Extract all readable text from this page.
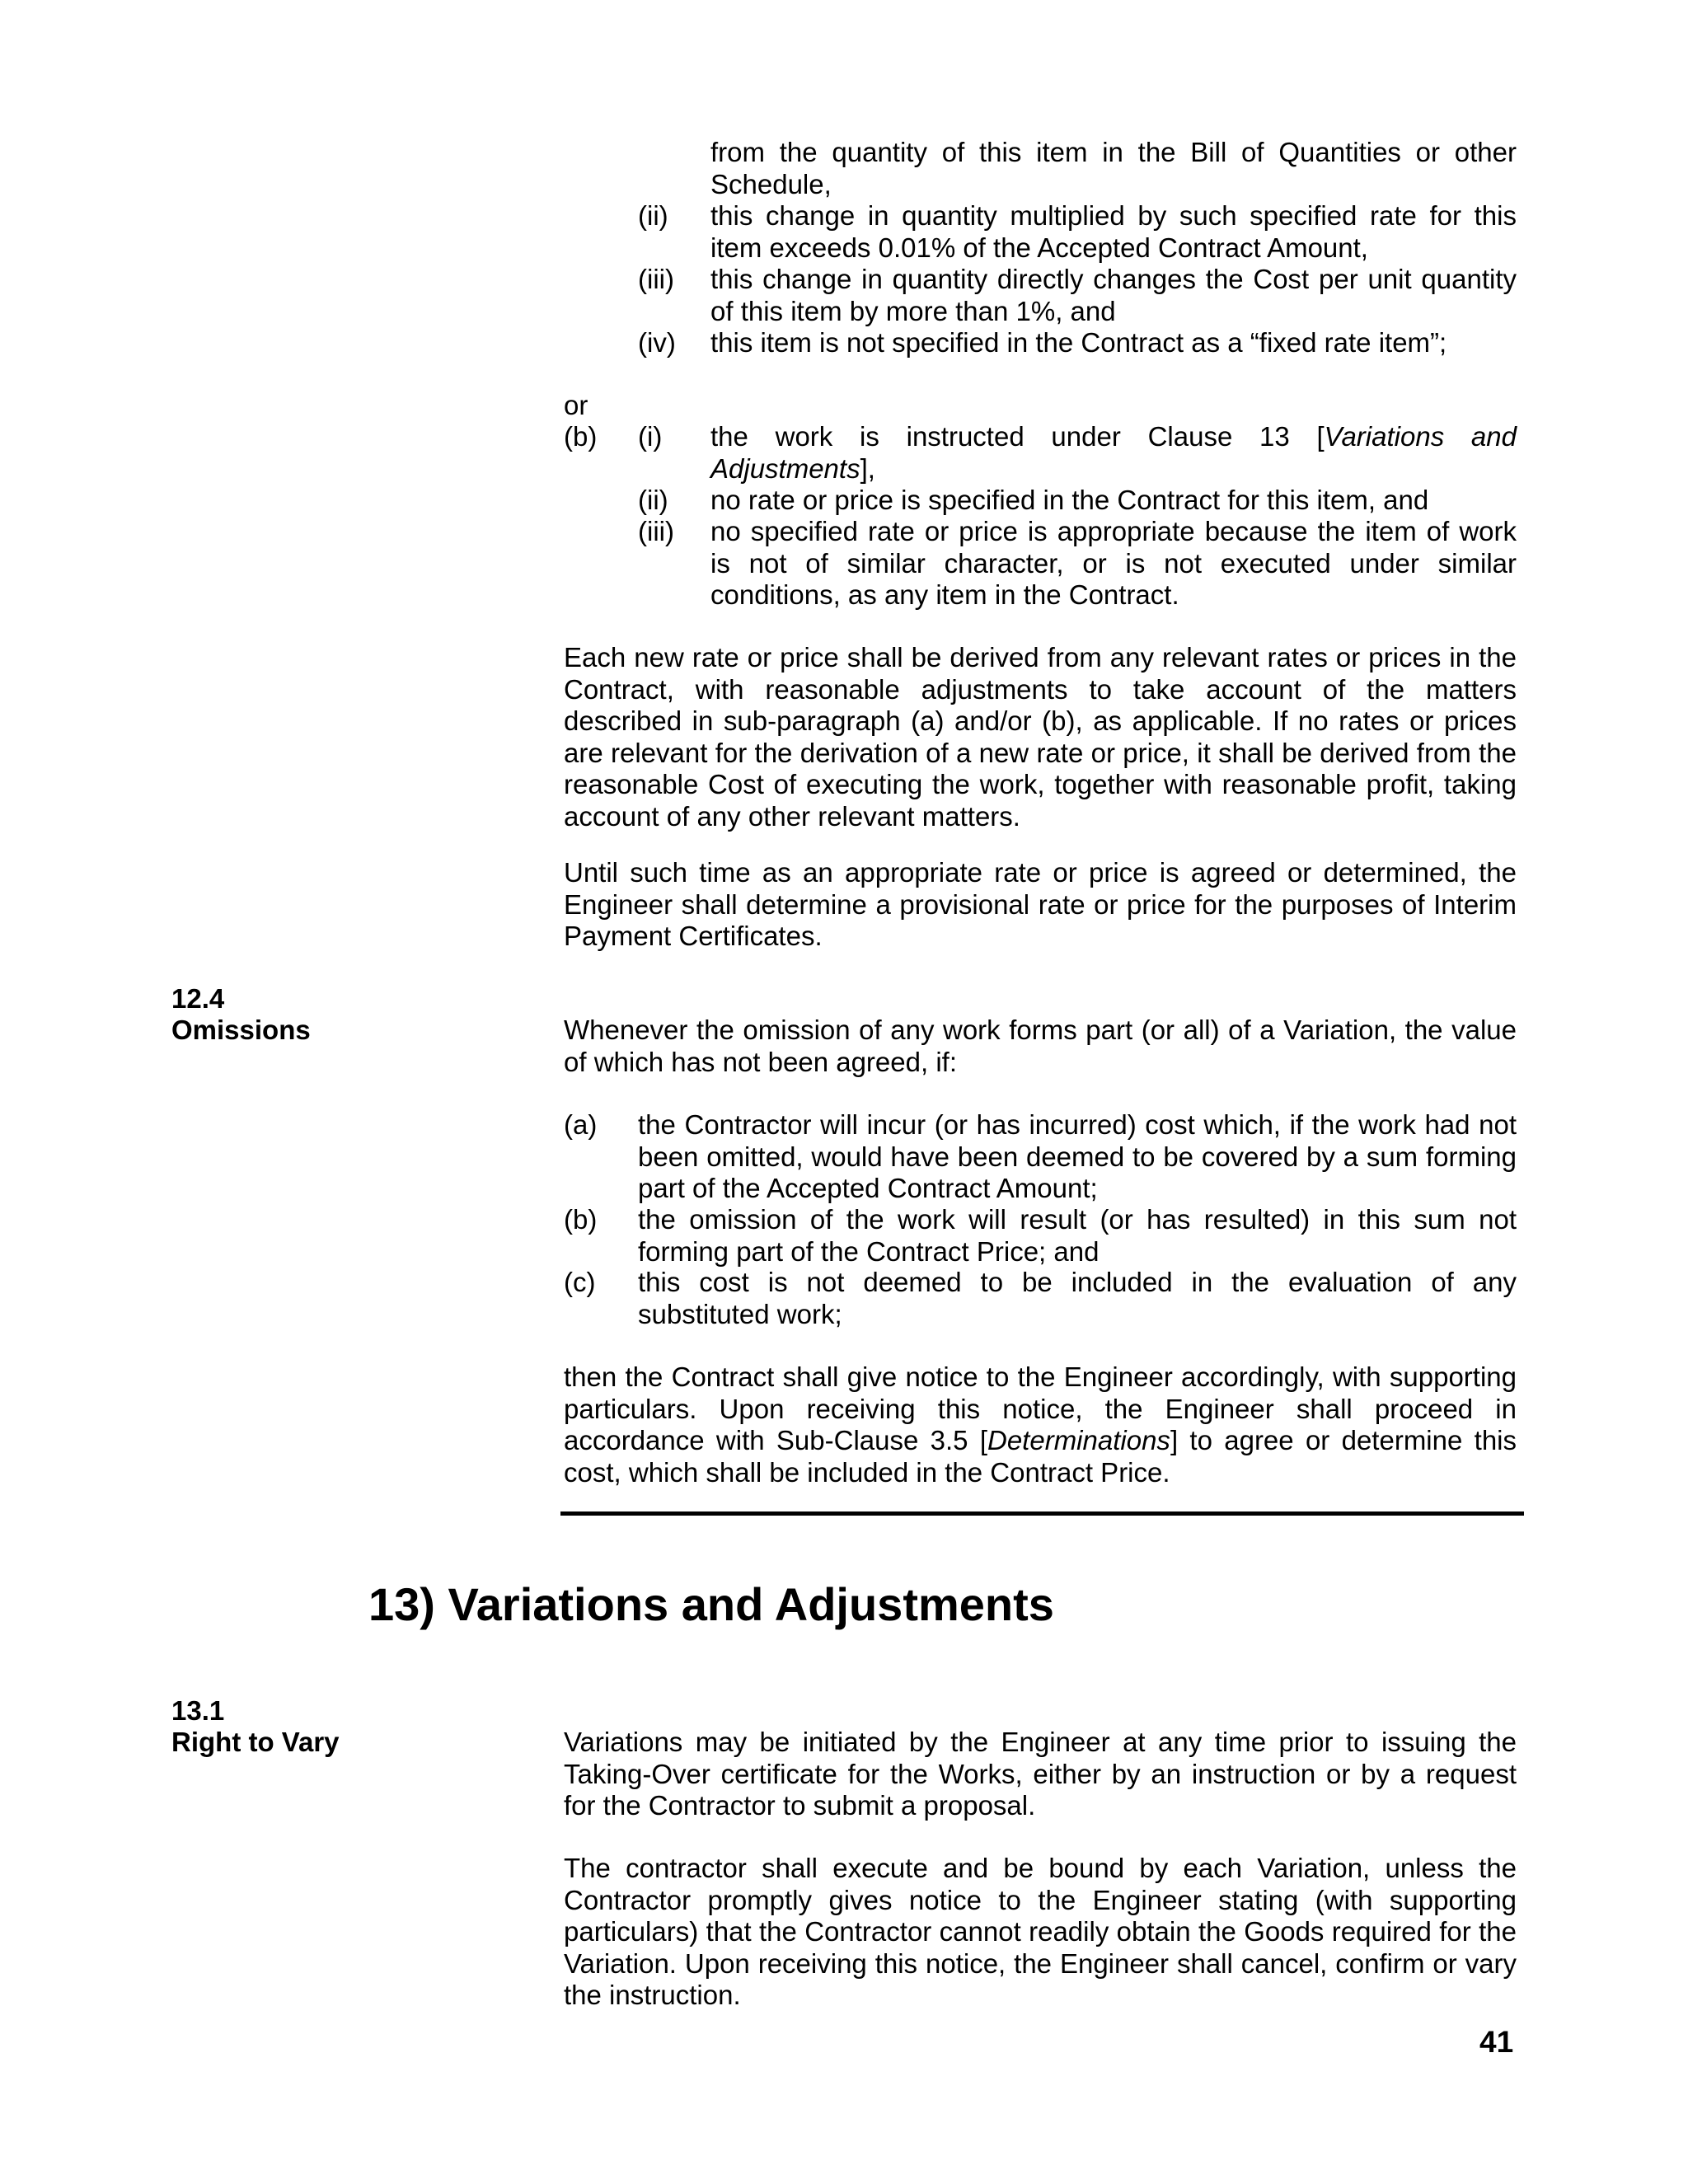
from the quantity of this item in the Bill of Quantities or other Schedule,
(ii) this change in quantity multiplied by such specified rate for this item exceeds 0.01% of the Accepted Contract Amount,
(iii) this change in quantity directly changes the Cost per unit quantity of this item by more than 1%, and
(iv) this item is not specified in the Contract as a “fixed rate item”;
or
(b) (i) the work is instructed under Clause 13 [Variations and Adjustments],
(ii) no rate or price is specified in the Contract for this item, and
(iii) no specified rate or price is appropriate because the item of work is not of similar character, or is not executed under similar conditions, as any item in the Contract.
Each new rate or price shall be derived from any relevant rates or prices in the Contract, with reasonable adjustments to take account of the matters described in sub-paragraph (a) and/or (b), as applicable. If no rates or prices are relevant for the derivation of a new rate or price, it shall be derived from the reasonable Cost of executing the work, together with reasonable profit, taking account of any other relevant matters.
Until such time as an appropriate rate or price is agreed or determined, the Engineer shall determine a provisional rate or price for the purposes of Interim Payment Certificates.
12.4
Omissions	Whenever the omission of any work forms part (or all) of a Variation, the value of which has not been agreed, if:
(a) the Contractor will incur (or has incurred) cost which, if the work had not been omitted, would have been deemed to be covered by a sum forming part of the Accepted Contract Amount;
(b) the omission of the work will result (or has resulted) in this sum not forming part of the Contract Price; and
(c) this cost is not deemed to be included in the evaluation of any substituted work;
then the Contract shall give notice to the Engineer accordingly, with supporting particulars. Upon receiving this notice, the Engineer shall proceed in accordance with Sub-Clause 3.5 [Determinations] to agree or determine this cost, which shall be included in the Contract Price.
13) Variations and Adjustments
13.1
Right to Vary	Variations may be initiated by the Engineer at any time prior to issuing the Taking-Over certificate for the Works, either by an instruction or by a request for the Contractor to submit a proposal.
The contractor shall execute and be bound by each Variation, unless the Contractor promptly gives notice to the Engineer stating (with supporting particulars) that the Contractor cannot readily obtain the Goods required for the Variation. Upon receiving this notice, the Engineer shall cancel, confirm or vary the instruction.
41
